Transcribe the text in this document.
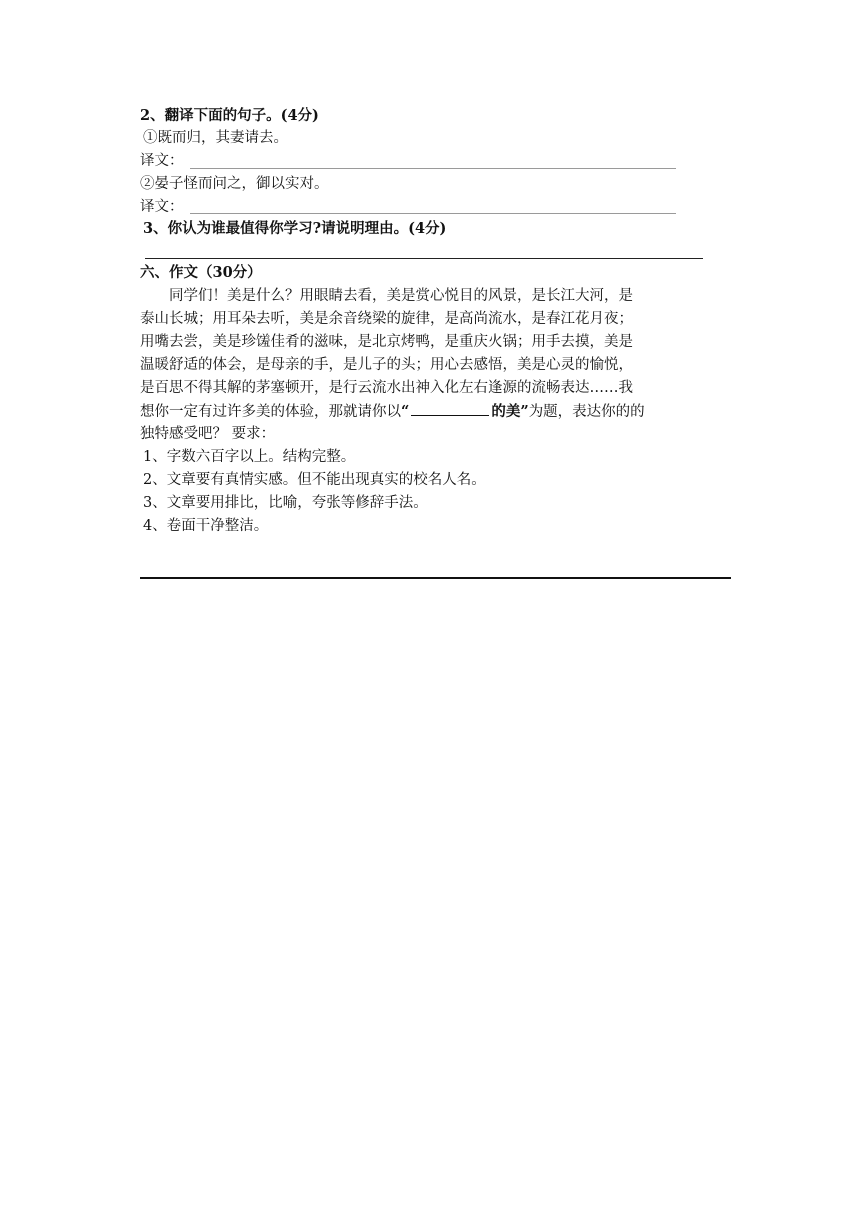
2、翻译下面的句子。(4分)
①既而归，其妻请去。
译文：
②晏子怪而问之，御以实对。
译文：
3、你认为谁最值得你学习?请说明理由。(4分)
六、作文（30分）
同学们！美是什么？用眼睛去看，美是赏心悦目的风景，是长江大河，是
泰山长城；用耳朵去听，美是余音绕梁的旋律，是高尚流水，是春江花月夜；
用嘴去尝，美是珍馐佳肴的滋味，是北京烤鸭，是重庆火锅；用手去摸，美是
温暖舒适的体会，是母亲的手，是儿子的头；用心去感悟，美是心灵的愉悦，
是百思不得其解的茅塞顿开，是行云流水出神入化左右逢源的流畅表达……我
想你一定有过许多美的体验，那就请你以“	的美”为题，表达你的的
独特感受吧？ 要求：
1、字数六百字以上。结构完整。
2、文章要有真情实感。但不能出现真实的校名人名。
3、文章要用排比，比喻，夸张等修辞手法。
4、卷面干净整洁。
